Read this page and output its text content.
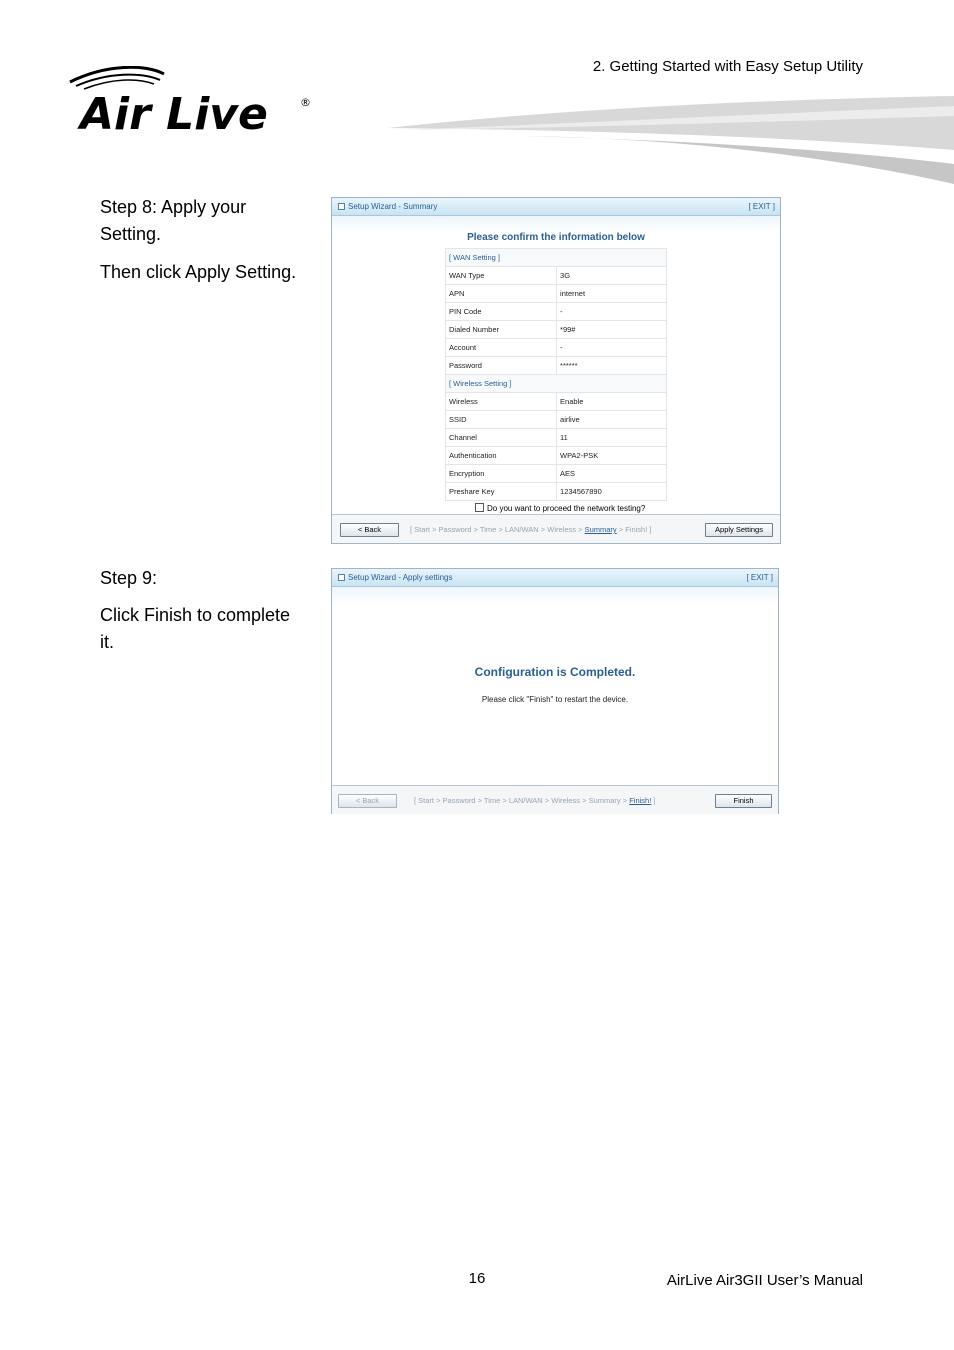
2. Getting Started with Easy Setup Utility
Air Live	®
Step 8: Apply your
Setting.
Then click Apply Setting.
Setup Wizard - Summary	[ EXIT ]
Please confirm the information below
[ WAN Setting ]	
WAN Type	3G
APN	internet
PIN Code	-
Dialed Number	*99#
Account	-
Password	******
[ Wireless Setting ]	
Wireless	Enable
SSID	airlive
Channel	11
Authentication	WPA2-PSK
Encryption	AES
Preshare Key	1234567890
Do you want to proceed the network testing?
< Back	[ Start > Password > Time > LAN/WAN > Wireless > Summary > Finish! ]	Apply Settings
Step 9:
Click Finish to complete
it.
Setup Wizard - Apply settings	[ EXIT ]
Configuration is Completed.
Please click "Finish" to restart the device.
< Back	[ Start > Password > Time > LAN/WAN > Wireless > Summary > Finish! ]	Finish
16	AirLive Air3GII User’s Manual
